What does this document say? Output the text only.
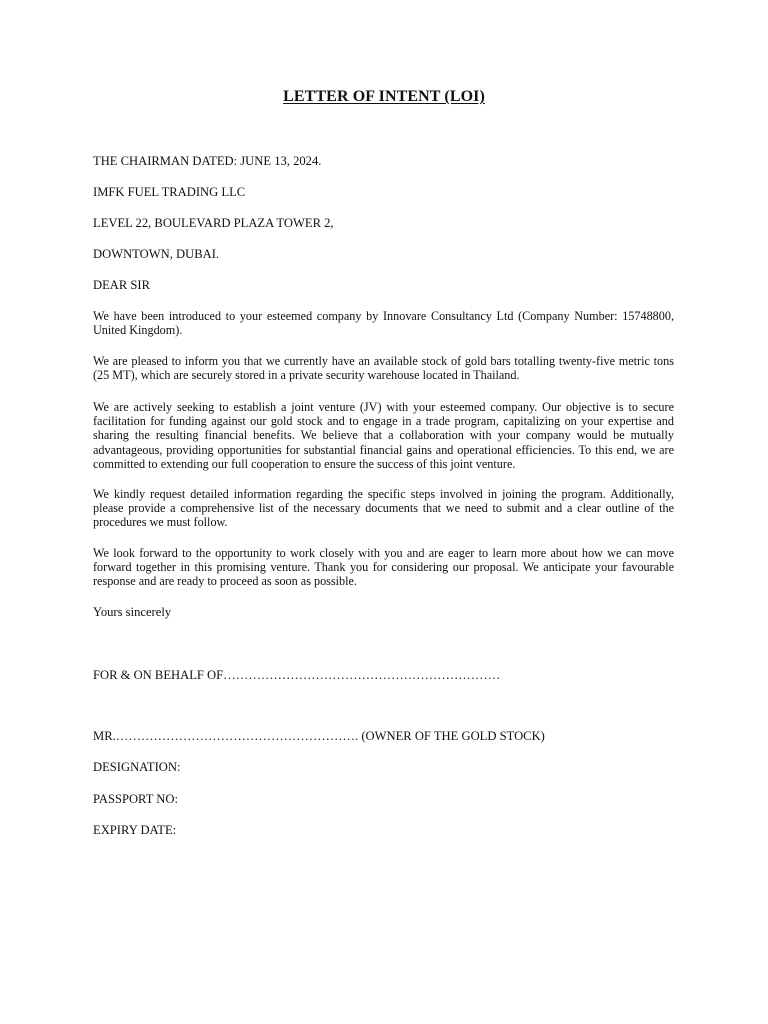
LETTER OF INTENT (LOI)
THE CHAIRMAN DATED: JUNE 13, 2024.
IMFK FUEL TRADING LLC
LEVEL 22, BOULEVARD PLAZA TOWER 2,
DOWNTOWN, DUBAI.
DEAR SIR
We have been introduced to your esteemed company by Innovare Consultancy Ltd (Company Number: 15748800, United Kingdom).
We are pleased to inform you that we currently have an available stock of gold bars totalling twenty-five metric tons (25 MT), which are securely stored in a private security warehouse located in Thailand.
We are actively seeking to establish a joint venture (JV) with your esteemed company. Our objective is to secure facilitation for funding against our gold stock and to engage in a trade program, capitalizing on your expertise and sharing the resulting financial benefits. We believe that a collaboration with your company would be mutually advantageous, providing opportunities for substantial financial gains and operational efficiencies. To this end, we are committed to extending our full cooperation to ensure the success of this joint venture.
We kindly request detailed information regarding the specific steps involved in joining the program. Additionally, please provide a comprehensive list of the necessary documents that we need to submit and a clear outline of the procedures we must follow.
We look forward to the opportunity to work closely with you and are eager to learn more about how we can move forward together in this promising venture. Thank you for considering our proposal. We anticipate your favourable response and are ready to proceed as soon as possible.
Yours sincerely
FOR & ON BEHALF OF…………………………………………………………
MR.…………………………………………………. (OWNER OF THE GOLD STOCK)
DESIGNATION:
PASSPORT NO:
EXPIRY DATE:
